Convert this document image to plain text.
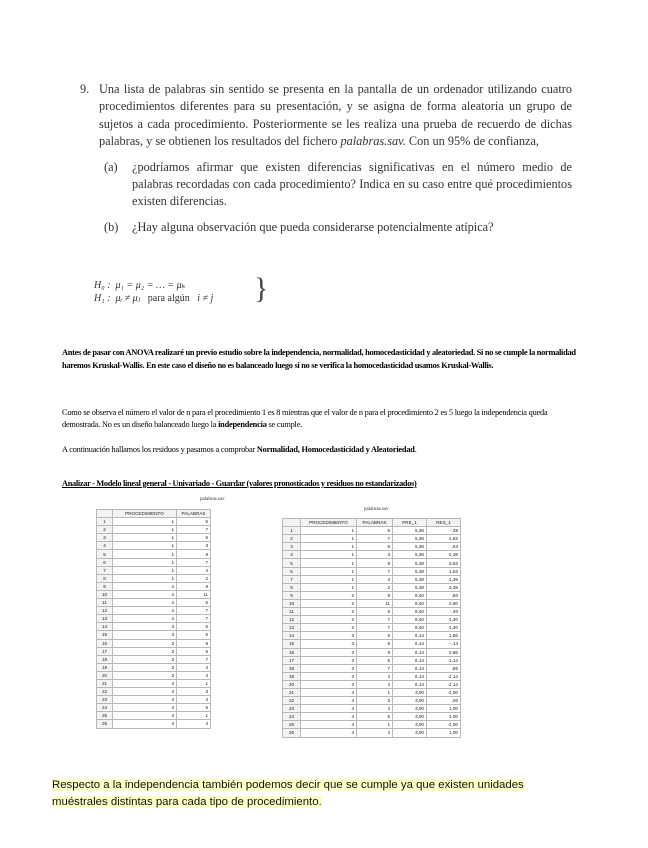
9. Una lista de palabras sin sentido se presenta en la pantalla de un ordenador utilizando cuatro procedimientos diferentes para su presentación, y se asigna de forma aleatoria un grupo de sujetos a cada procedimiento. Posteriormente se les realiza una prueba de recuerdo de dichas palabras, y se obtienen los resultados del fichero palabras.sav. Con un 95% de confianza,
(a) ¿podríamos afirmar que existen diferencias significativas en el número medio de palabras recordadas con cada procedimiento? Indica en su caso entre qué procedimientos existen diferencias.
(b) ¿Hay alguna observación que pueda considerarse potencialmente atípica?
H₀ : μ₁ = μ₂ = … = μₖ
H₁ : μᵢ ≠ μⱼ para algún i ≠ j }
Antes de pasar con ANOVA realizaré un previo estudio sobre la independencia, normalidad, homocedasticidad y aleatoriedad. Si no se cumple la normalidad haremos Kruskal-Wallis. En este caso el diseño no es balanceado luego si no se verifica la homocedasticidad usamos Kruskal-Wallis.
Como se observa el número el valor de n para el procedimiento 1 es 8 mientras que el valor de n para el procedimiento 2 es 5 luego la independencia queda demostrada. No es un diseño balanceado luego la independencia se cumple.
A continuación hallamos los residuos y pasamos a comprobar Normalidad, Homocedasticidad y Aleatoriedad.
Analizar - Modelo lineal general - Univariado - Guardar (valores pronosticados y residuos no estandarizados)
palabras.sav
	PROCEDIMIENTO	PALABRAS
1	1	5
2	1	7
3	1	6
4	1	3
5	1	9
6	1	7
7	1	4
8	1	2
9	2	9
10	2	11
11	2	6
12	2	7
13	2	7
14	3	6
15	3	6
16	3	9
17	3	5
18	3	7
19	3	4
20	3	4
21	4	1
22	4	3
23	4	4
24	4	5
25	4	1
26	4	4
palabras.sav
	PROCEDIMIENTO	PALABRAS	PRE_1	RES_1
1	1	5	5,38	-,38
2	1	7	5,38	1,63
3	1	6	5,38	,63
4	1	3	5,38	-2,38
5	1	9	5,38	3,63
6	1	7	5,38	1,63
7	1	4	5,38	-1,38
8	1	2	5,38	-3,38
9	2	9	8,40	,60
10	2	11	8,40	2,60
11	2	6	8,40	-,40
12	2	7	8,40	-1,40
13	2	7	8,40	-1,40
14	3	6	6,14	1,86
15	3	6	6,14	-,14
16	3	9	6,14	2,86
17	3	5	6,14	-1,14
18	3	7	6,14	,86
19	3	4	6,14	-2,14
20	3	4	6,14	-2,14
21	4	1	3,00	-2,00
22	4	3	3,00	,00
23	4	4	3,00	1,00
24	4	5	3,00	2,00
25	4	1	3,00	-2,00
26	4	4	3,00	1,00
Respecto a la independencia también podemos decir que se cumple ya que existen unidades muéstrales distintas para cada tipo de procedimiento.
